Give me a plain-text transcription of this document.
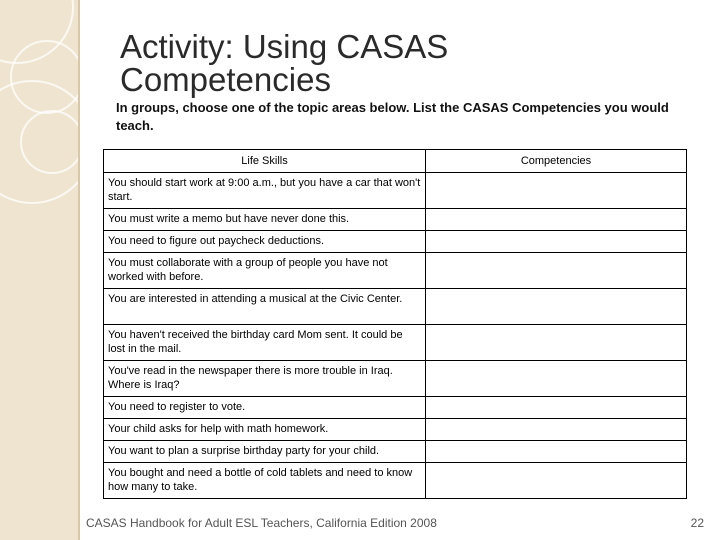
Activity: Using CASAS
Competencies

In groups, choose one of the topic areas below. List the CASAS Competencies you would teach.

Life Skills	Competencies
You should start work at 9:00 a.m., but you have a car that won't start.	
You must write a memo but have never done this.	
You need to figure out paycheck deductions.	
You must collaborate with a group of people you have not worked with before.	
You are interested in attending a musical at the Civic Center.	
You haven't received the birthday card Mom sent. It could be lost in the mail.	
You've read in the newspaper there is more trouble in Iraq. Where is Iraq?	
You need to register to vote.	
Your child asks for help with math homework.	
You want to plan a surprise birthday party for your child.	
You bought and need a bottle of cold tablets and need to know how many to take.	
CASAS Handbook for Adult ESL Teachers, California Edition 2008	22
